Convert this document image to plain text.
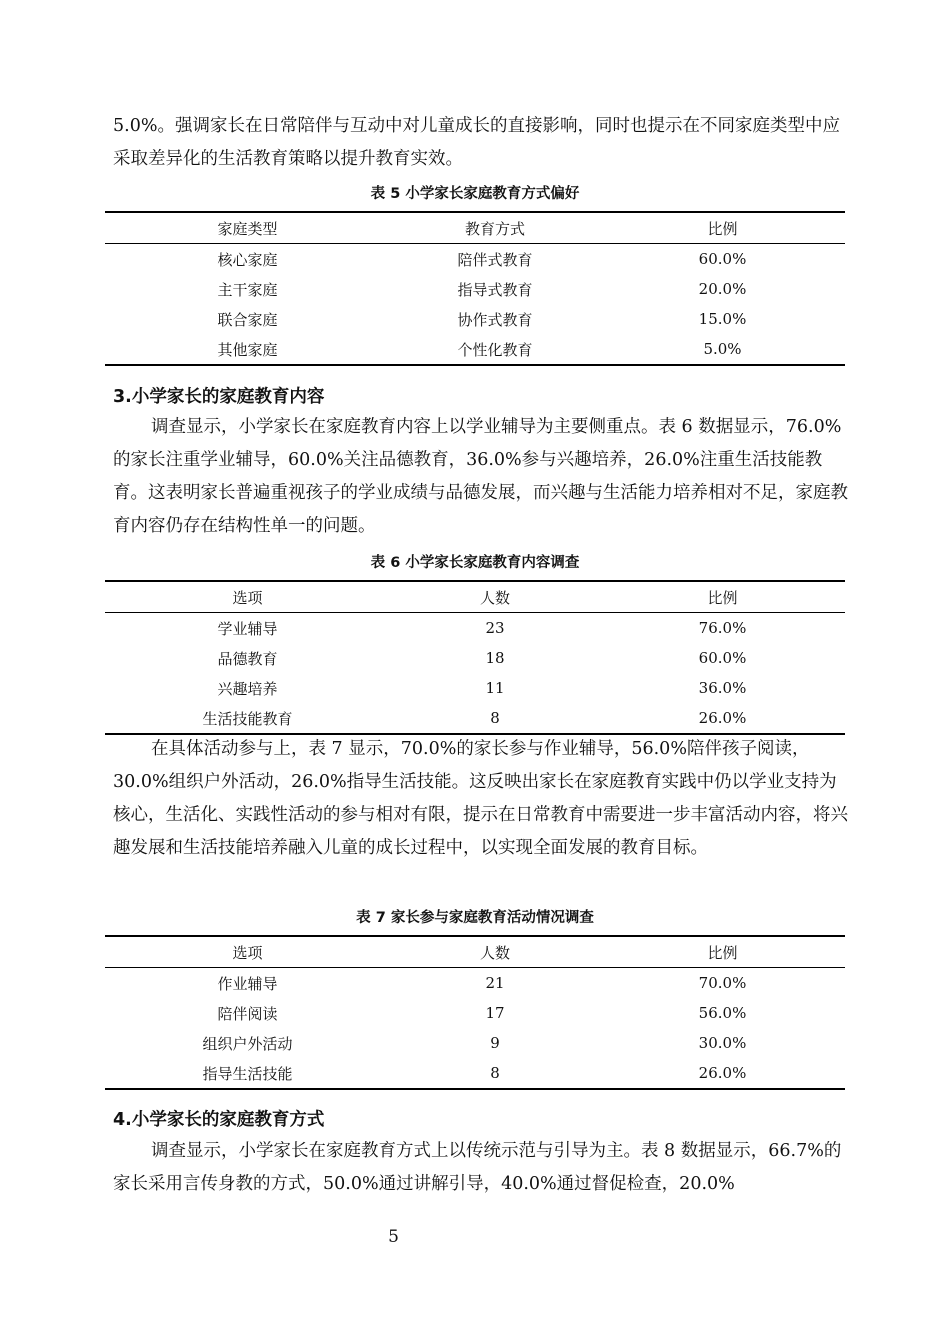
5.0%。强调家长在日常陪伴与互动中对儿童成长的直接影响，同时也提示在不同家庭类型中应采取差异化的生活教育策略以提升教育实效。

表 5 小学家长家庭教育方式偏好
家庭类型	教育方式	比例
核心家庭	陪伴式教育	60.0%
主干家庭	指导式教育	20.0%
联合家庭	协作式教育	15.0%
其他家庭	个性化教育	5.0%

3.小学家长的家庭教育内容

调查显示，小学家长在家庭教育内容上以学业辅导为主要侧重点。表 6 数据显示，76.0%的家长注重学业辅导，60.0%关注品德教育，36.0%参与兴趣培养，26.0%注重生活技能教育。这表明家长普遍重视孩子的学业成绩与品德发展，而兴趣与生活能力培养相对不足，家庭教育内容仍存在结构性单一的问题。

表 6 小学家长家庭教育内容调查
选项	人数	比例
学业辅导	23	76.0%
品德教育	18	60.0%
兴趣培养	11	36.0%
生活技能教育	8	26.0%

在具体活动参与上，表 7 显示，70.0%的家长参与作业辅导，56.0%陪伴孩子阅读，30.0%组织户外活动，26.0%指导生活技能。这反映出家长在家庭教育实践中仍以学业支持为核心，生活化、实践性活动的参与相对有限，提示在日常教育中需要进一步丰富活动内容，将兴趣发展和生活技能培养融入儿童的成长过程中，以实现全面发展的教育目标。

表 7 家长参与家庭教育活动情况调查
选项	人数	比例
作业辅导	21	70.0%
陪伴阅读	17	56.0%
组织户外活动	9	30.0%
指导生活技能	8	26.0%

4.小学家长的家庭教育方式

调查显示，小学家长在家庭教育方式上以传统示范与引导为主。表 8 数据显示，66.7%的家长采用言传身教的方式，50.0%通过讲解引导，40.0%通过督促检查，20.0%

5
